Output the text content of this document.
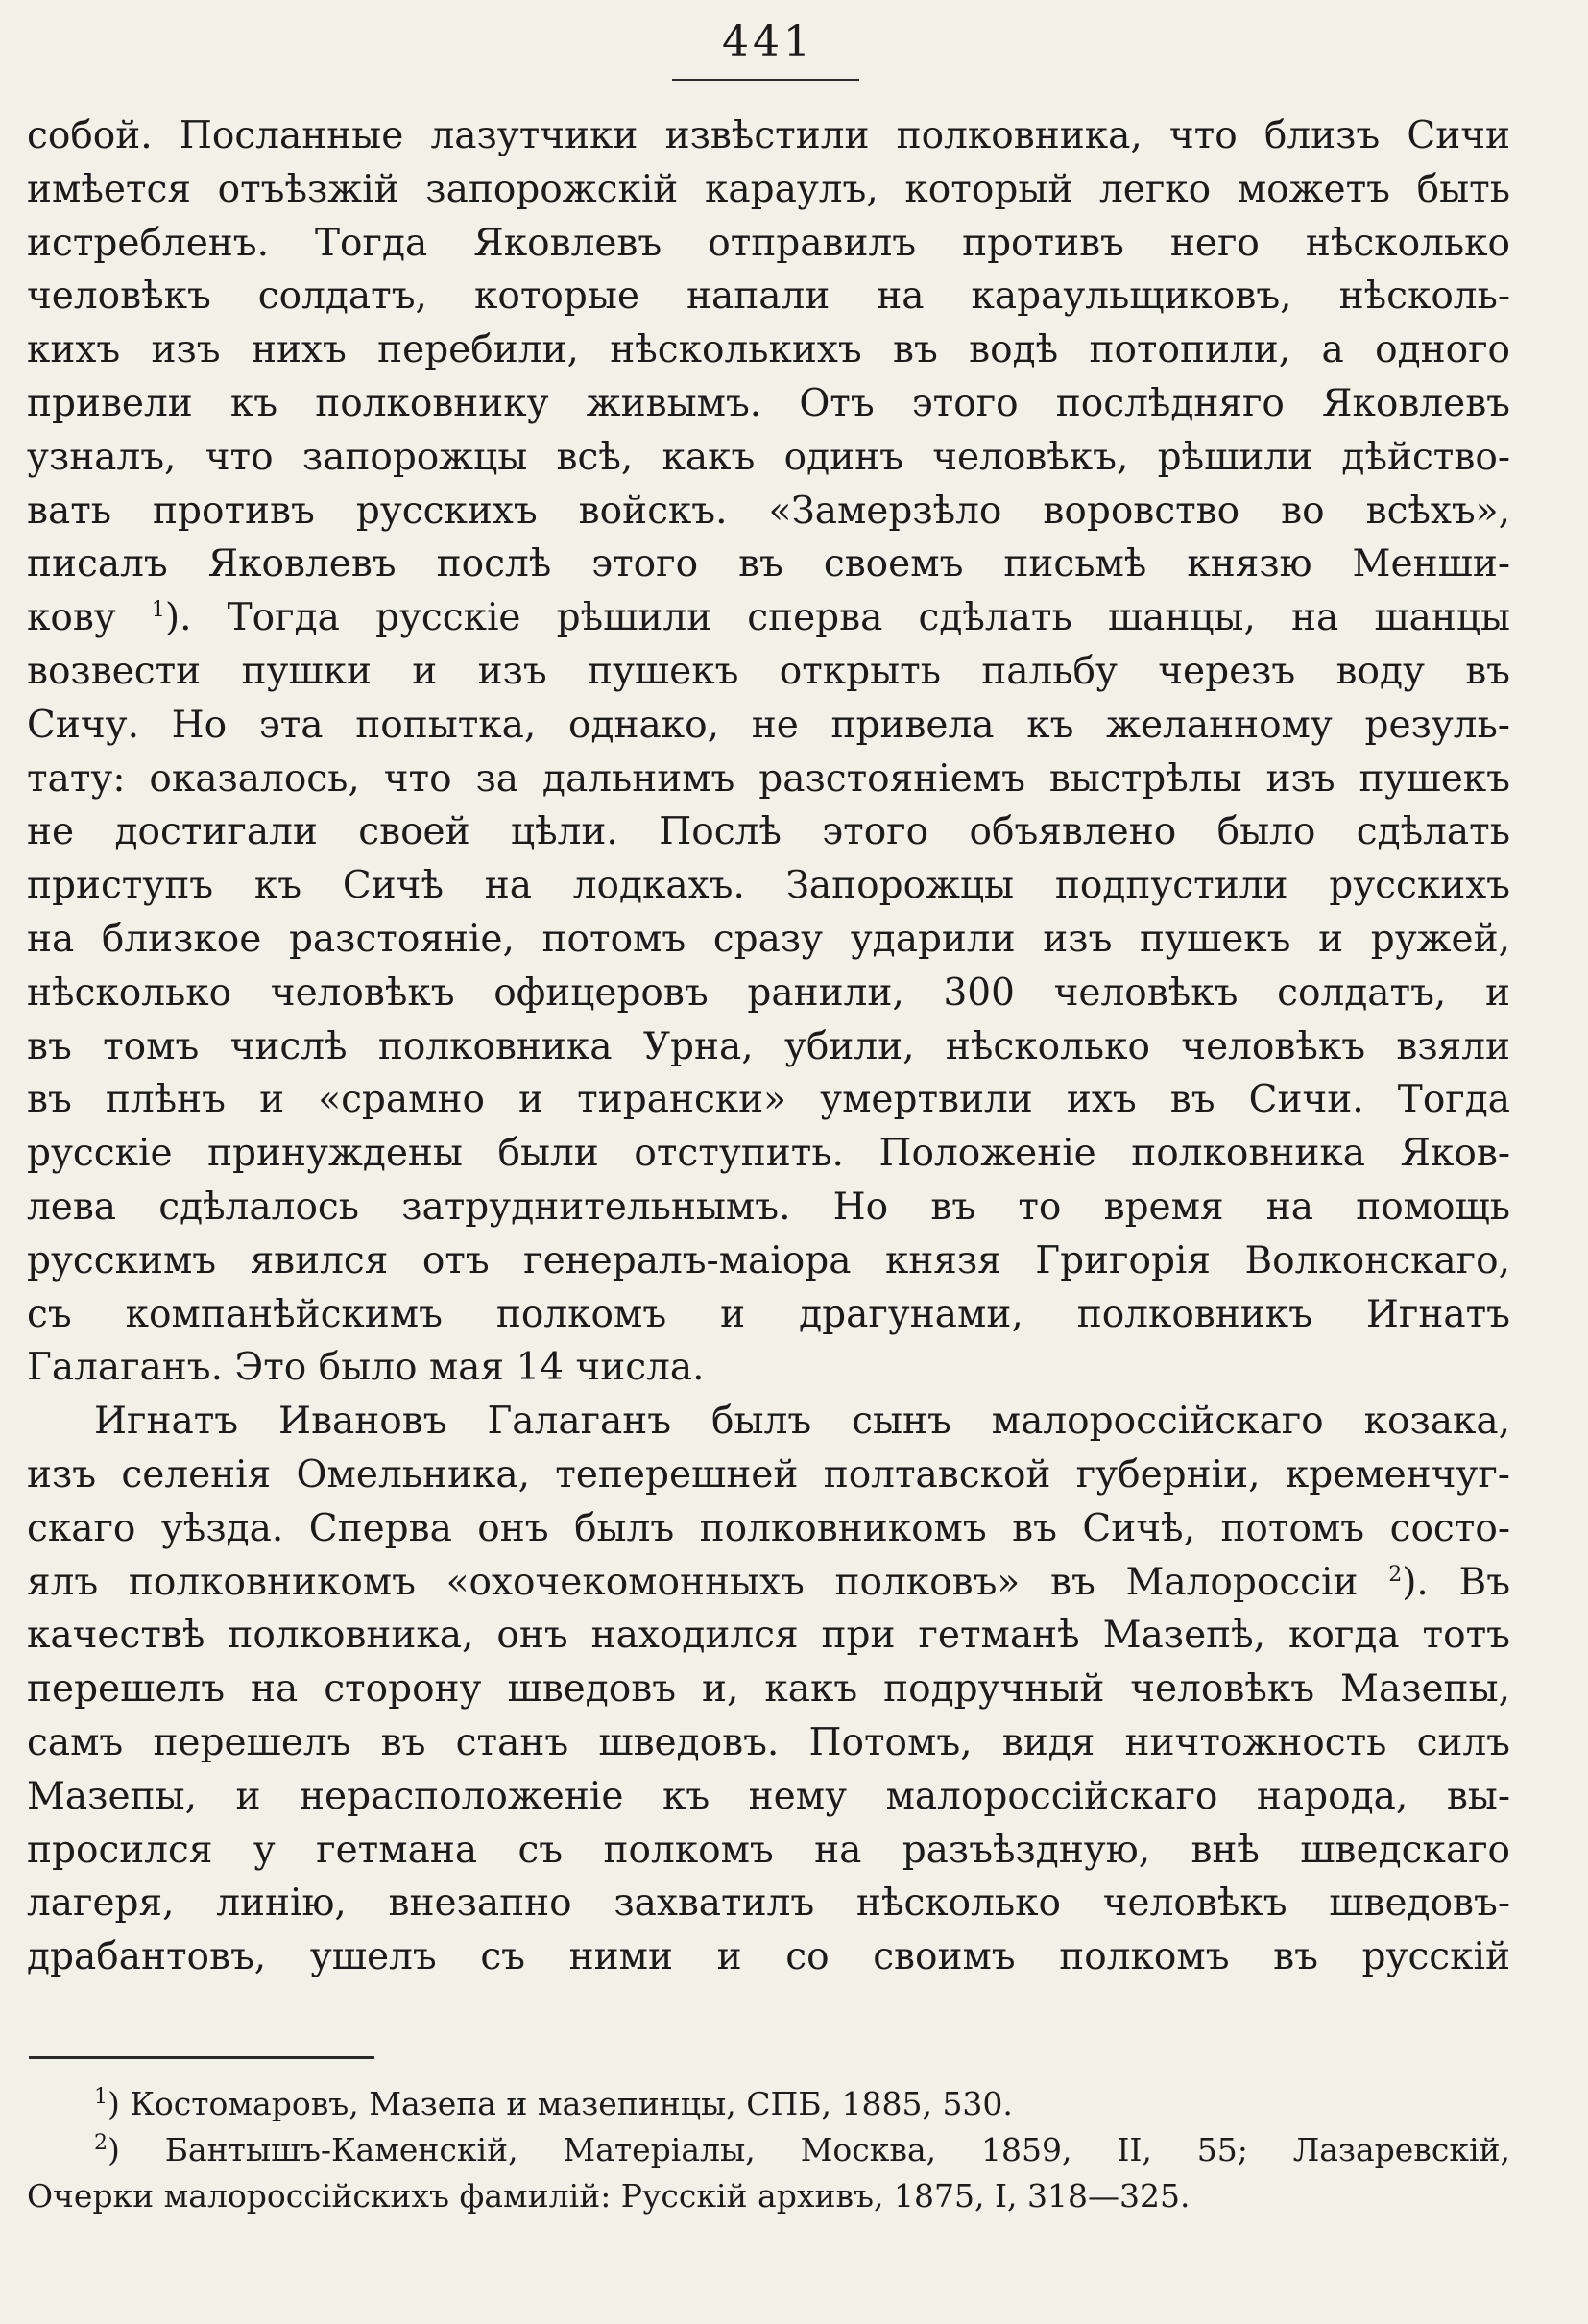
441
собой. Посланные лазутчики извѣстили полковника, что близъ Сичи
имѣется отъѣзжій запорожскій караулъ, который легко можетъ быть
истребленъ. Тогда Яковлевъ отправилъ противъ него нѣсколько
человѣкъ солдатъ, которые напали на караульщиковъ, нѣсколь-
кихъ изъ нихъ перебили, нѣсколькихъ въ водѣ потопили, а одного
привели къ полковнику живымъ. Отъ этого послѣдняго Яковлевъ
узналъ, что запорожцы всѣ, какъ одинъ человѣкъ, рѣшили дѣйство-
вать противъ русскихъ войскъ. «Замерзѣло воровство во всѣхъ»,
писалъ Яковлевъ послѣ этого въ своемъ письмѣ князю Менши-
кову $^1$). Тогда русскіе рѣшили сперва сдѣлать шанцы, на шанцы
возвести пушки и изъ пушекъ открыть пальбу черезъ воду въ
Сичу. Но эта попытка, однако, не привела къ желанному резуль-
тату: оказалось, что за дальнимъ разстояніемъ выстрѣлы изъ пушекъ
не достигали своей цѣли. Послѣ этого объявлено было сдѣлать
приступъ къ Сичѣ на лодкахъ. Запорожцы подпустили русскихъ
на близкое разстояніе, потомъ сразу ударили изъ пушекъ и ружей,
нѣсколько человѣкъ офицеровъ ранили, 300 человѣкъ солдатъ, и
въ томъ числѣ полковника Урна, убили, нѣсколько человѣкъ взяли
въ плѣнъ и «срамно и тирански» умертвили ихъ въ Сичи. Тогда
русскіе принуждены были отступить. Положеніе полковника Яков-
лева сдѣлалось затруднительнымъ. Но въ то время на помощь
русскимъ явился отъ генералъ-маіора князя Григорія Волконскаго,
съ компанѣйскимъ полкомъ и драгунами, полковникъ Игнатъ
Галаганъ. Это было мая 14 числа.
Игнатъ Ивановъ Галаганъ былъ сынъ малороссійскаго козака,
изъ селенія Омельника, теперешней полтавской губерніи, кременчуг-
скаго уѣзда. Сперва онъ былъ полковникомъ въ Сичѣ, потомъ состо-
ялъ полковникомъ «охочекомонныхъ полковъ» въ Малороссіи $^2$). Въ
качествѣ полковника, онъ находился при гетманѣ Мазепѣ, когда тотъ
перешелъ на сторону шведовъ и, какъ подручный человѣкъ Мазепы,
самъ перешелъ въ станъ шведовъ. Потомъ, видя ничтожность силъ
Мазепы, и нерасположеніе къ нему малороссійскаго народа, вы-
просился у гетмана съ полкомъ на разъѣздную, внѣ шведскаго
лагеря, линію, внезапно захватилъ нѣсколько человѣкъ шведовъ-
драбантовъ, ушелъ съ ними и со своимъ полкомъ въ русскій
$^1$) Костомаровъ, Мазепа и мазепинцы, СПБ, 1885, 530.
$^2$) Бантышъ-Каменскій, Матеріалы, Москва, 1859, II, 55; Лазаревскій,
Очерки малороссійскихъ фамилій: Русскій архивъ, 1875, I, 318—325.
